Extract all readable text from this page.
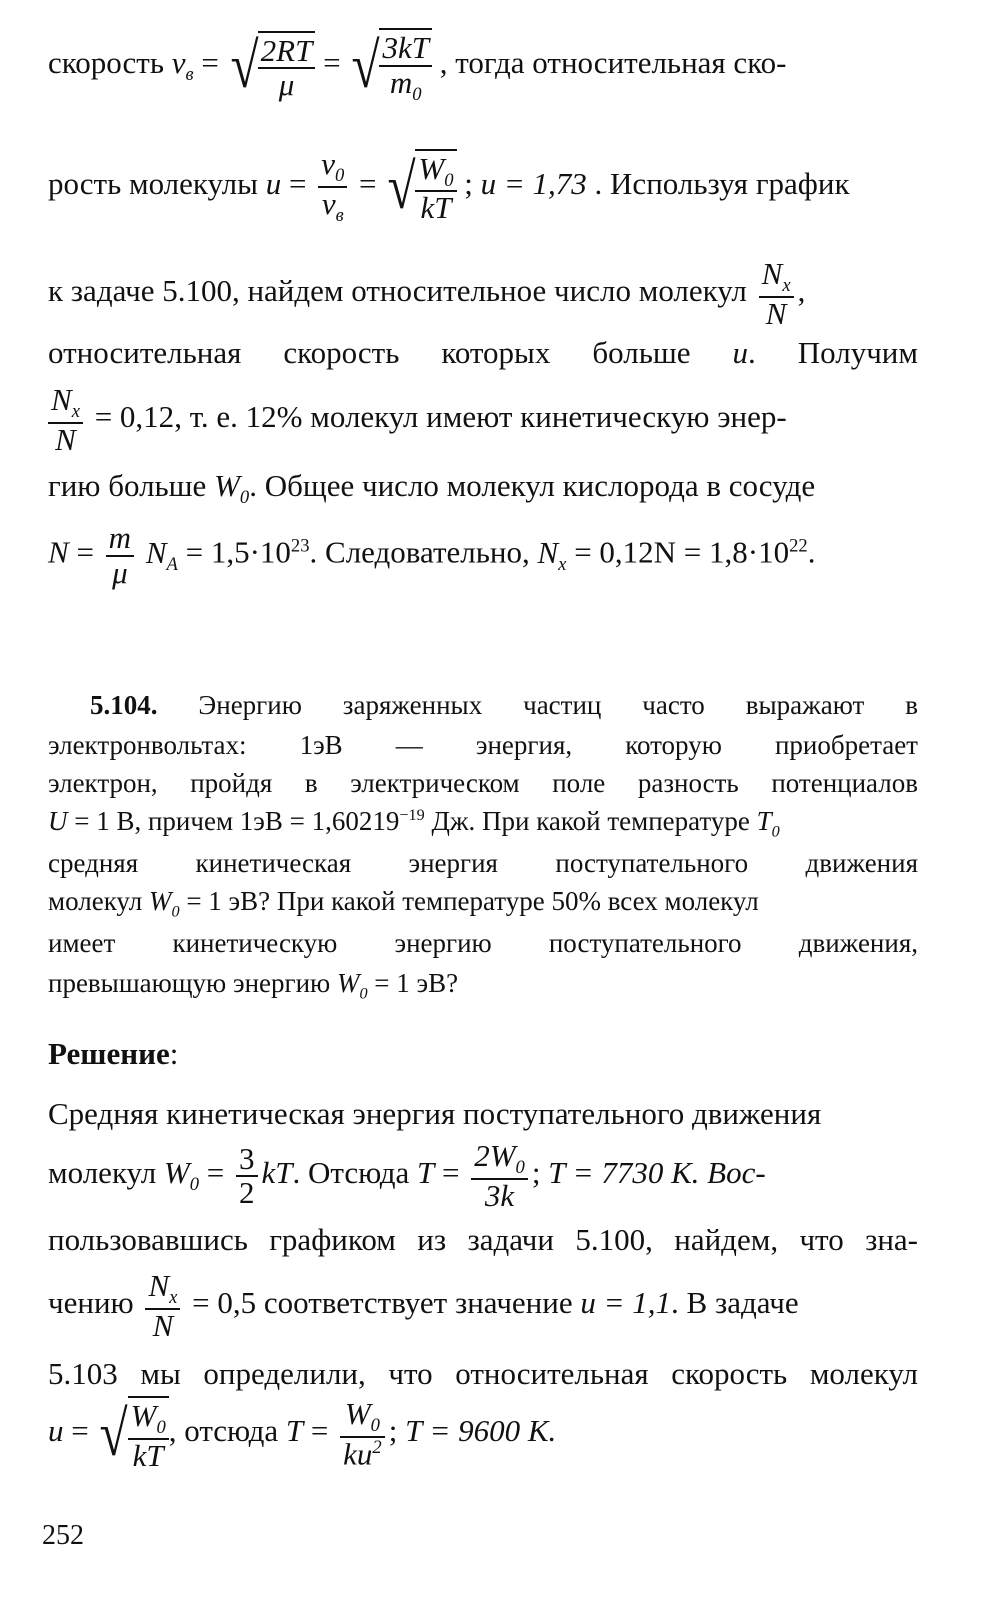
скорость $v_в$ = √ $\frac{2RT}{\mu}$ = √ $\frac{3kT}{m_0}$ , тогда относительная ско-
рость молекулы $u = \frac{v_0}{v_в}$ = √ $\frac{W_0}{kT}$ ; u = 1,73 . Используя график
к задаче 5.100, найдем относительное число молекул $\frac{N_x}{N}$ ,
относительная скорость которых больше u. Получим
$\frac{N_x}{N} = 0,12$, т. е. 12% молекул имеют кинетическую энер-
гию больше $W_0$. Общее число молекул кислорода в сосуде
$N = \frac{m}{\mu} N_A = 1,5\cdot 10^{23}$. Следовательно, $N_x = 0,12N = 1,8\cdot 10^{22}$.
5.104. Энергию заряженных частиц часто выражают в
электронвольтах: 1эВ — энергия, которую приобретает
электрон, пройдя в электрическом поле разность потенциалов
U = 1 В, причем $1эВ = 1,60219^{-19}$ Дж. При какой температуре $T_0$
средняя кинетическая энергия поступательного движения
молекул $W_0 = 1$ эВ? При какой температуре 50% всех молекул
имеет кинетическую энергию поступательного движения,
превышающую энергию $W_0 = 1$ эВ?
Решение:
Средняя кинетическая энергия поступательного движения
молекул $W_0 = \frac{3}{2}$ kT. Отсюда $T = \frac{2W_0}{3k}$ ; T = 7730 К. Вос-
пользовавшись графиком из задачи 5.100, найдем, что зна-
чению $\frac{N_x}{N} = 0,5$ соответствует значение u = 1,1. В задаче
5.103 мы определили, что относительная скорость молекул
u = √ $\frac{W_0}{kT}$ , отсюда $T = \frac{W_0}{ku^2}$ ; T = 9600 К.
252
